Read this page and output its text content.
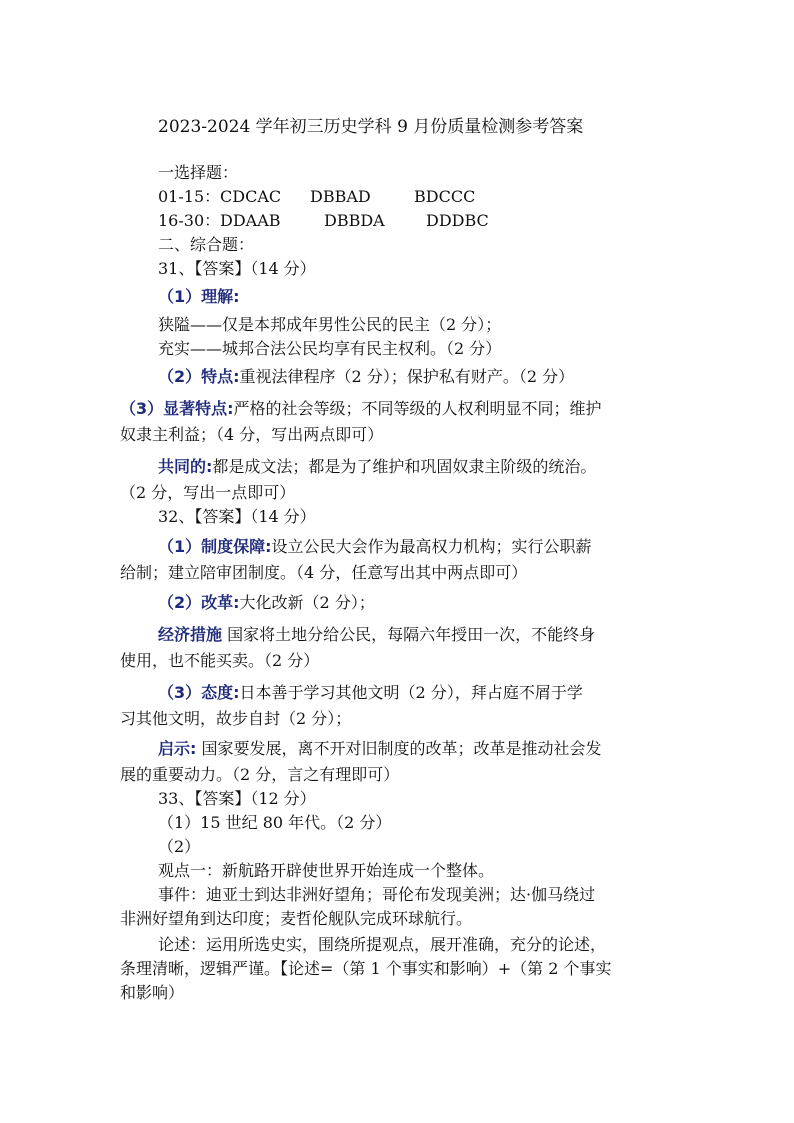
2023-2024 学年初三历史学科 9 月份质量检测参考答案
一选择题：
01-15：CDCAC DBBAD	BDCCC
16-30：DDAAB	DBBDA	DDDBC
二、综合题：
31、【答案】（14 分）
（1）理解:
狭隘——仅是本邦成年男性公民的民主（2 分）；
充实——城邦合法公民均享有民主权利。（2 分）
（2）特点:重视法律程序（2 分）；保护私有财产。（2 分）
（3）显著特点:严格的社会等级；不同等级的人权利明显不同；维护
奴隶主利益；（4 分，写出两点即可）
共同的:都是成文法；都是为了维护和巩固奴隶主阶级的统治。
（2 分，写出一点即可）
32、【答案】（14 分）
（1）制度保障:设立公民大会作为最高权力机构；实行公职薪
给制；建立陪审团制度。（4 分，任意写出其中两点即可）
（2）改革:大化改新（2 分）；
经济措施 国家将土地分给公民，每隔六年授田一次，不能终身
使用，也不能买卖。（2 分）
（3）态度:日本善于学习其他文明（2 分），拜占庭不屑于学
习其他文明，故步自封（2 分）；
启示: 国家要发展，离不开对旧制度的改革；改革是推动社会发
展的重要动力。（2 分，言之有理即可）
33、【答案】（12 分）
（1）15 世纪 80 年代。（2 分）
（2）
观点一：新航路开辟使世界开始连成一个整体。
事件：迪亚士到达非洲好望角；哥伦布发现美洲；达·伽马绕过
非洲好望角到达印度；麦哲伦舰队完成环球航行。
论述：运用所选史实，围绕所提观点，展开准确，充分的论述，
条理清晰，逻辑严谨。【论述=（第 1 个事实和影响）+（第 2 个事实
和影响）
